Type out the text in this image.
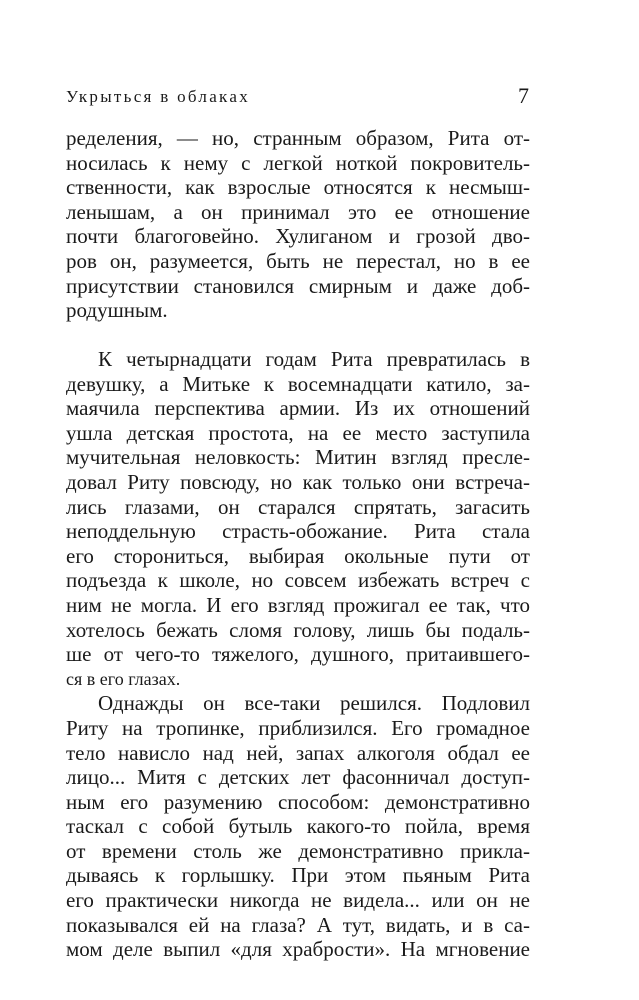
Укрыться в облаках	7
ределения, — но, странным образом, Рита от-
носилась к нему с легкой ноткой покровитель-
ственности, как взрослые относятся к несмыш-
ленышам, а он принимал это ее отношение
почти благоговейно. Хулиганом и грозой дво-
ров он, разумеется, быть не перестал, но в ее
присутствии становился смирным и даже доб-
родушным.
К четырнадцати годам Рита превратилась в
девушку, а Митьке к восемнадцати катило, за-
маячила перспектива армии. Из их отношений
ушла детская простота, на ее место заступила
мучительная неловкость: Митин взгляд пресле-
довал Риту повсюду, но как только они встреча-
лись глазами, он старался спрятать, загасить
неподдельную страсть-обожание. Рита стала
его сторониться, выбирая окольные пути от
подъезда к школе, но совсем избежать встреч с
ним не могла. И его взгляд прожигал ее так, что
хотелось бежать сломя голову, лишь бы подаль-
ше от чего-то тяжелого, душного, притаившего-
ся в его глазах.
Однажды он все-таки решился. Подловил
Риту на тропинке, приблизился. Его громадное
тело нависло над ней, запах алкоголя обдал ее
лицо... Митя с детских лет фасонничал доступ-
ным его разумению способом: демонстративно
таскал с собой бутыль какого-то пойла, время
от времени столь же демонстративно прикла-
дываясь к горлышку. При этом пьяным Рита
его практически никогда не видела... или он не
показывался ей на глаза? А тут, видать, и в са-
мом деле выпил «для храбрости». На мгновение
